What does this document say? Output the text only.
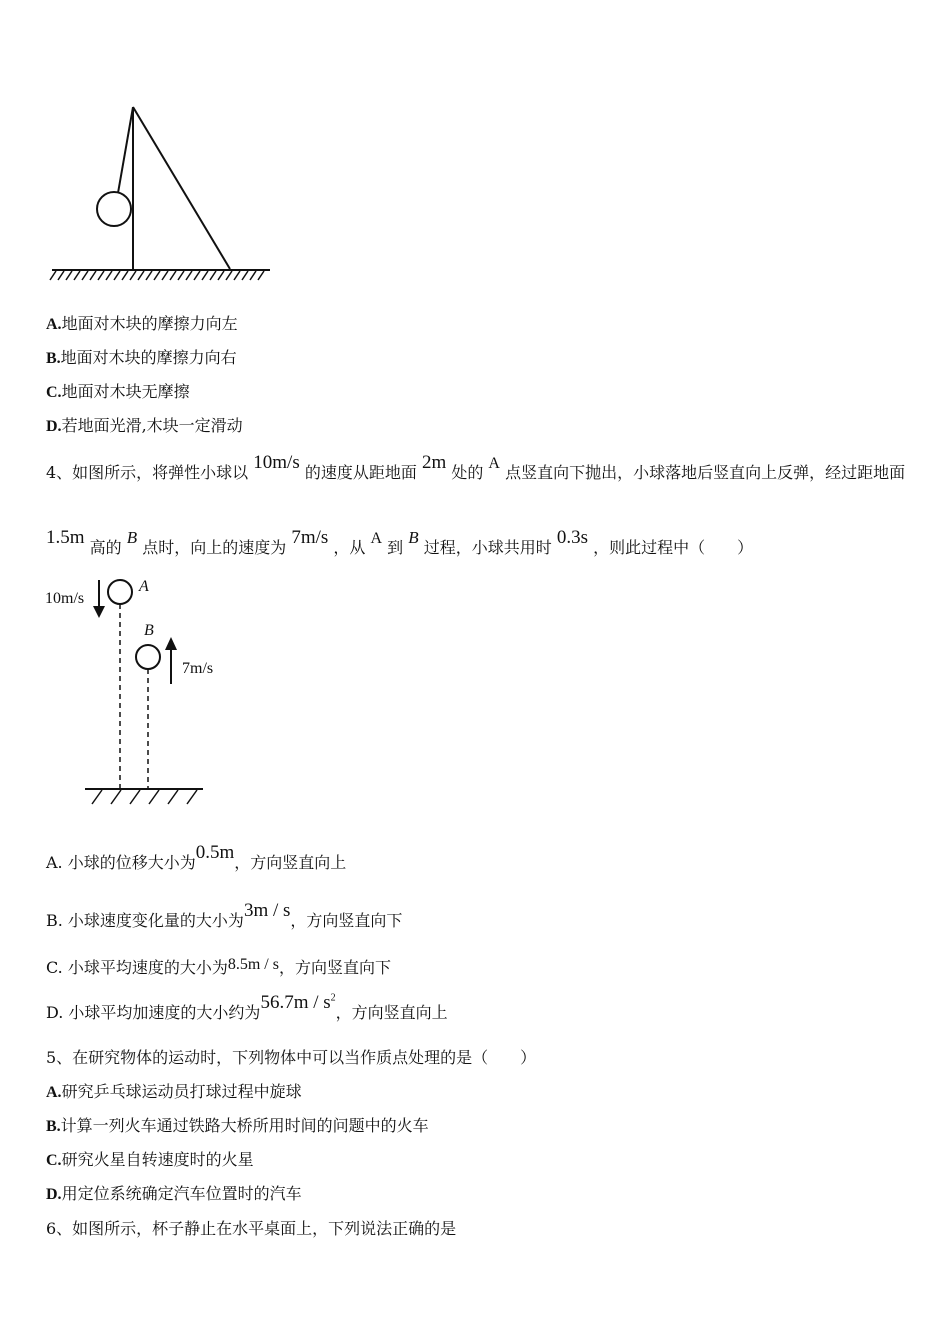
A.地面对木块的摩擦力向左
B.地面对木块的摩擦力向右
C.地面对木块无摩擦
D.若地面光滑,木块一定滑动
4、如图所示，将弹性小球以 10m/s 的速度从距地面 2m 处的 A 点竖直向下抛出，小球落地后竖直向上反弹，经过距地面
1.5m 高的 B 点时，向上的速度为 7m/s ，从 A 到 B 过程，小球共用时 0.3s ，则此过程中（　　）
10m/s
A
B
7m/s
A. 小球的位移大小为0.5m，方向竖直向上
B. 小球速度变化量的大小为3m / s，方向竖直向下
C. 小球平均速度的大小为8.5m / s，方向竖直向下
D. 小球平均加速度的大小约为$56.7m / s^2$，方向竖直向上
5、在研究物体的运动时，下列物体中可以当作质点处理的是（　　）
A.研究乒乓球运动员打球过程中旋球
B.计算一列火车通过铁路大桥所用时间的问题中的火车
C.研究火星自转速度时的火星
D.用定位系统确定汽车位置时的汽车
6、如图所示，杯子静止在水平桌面上，下列说法正确的是
